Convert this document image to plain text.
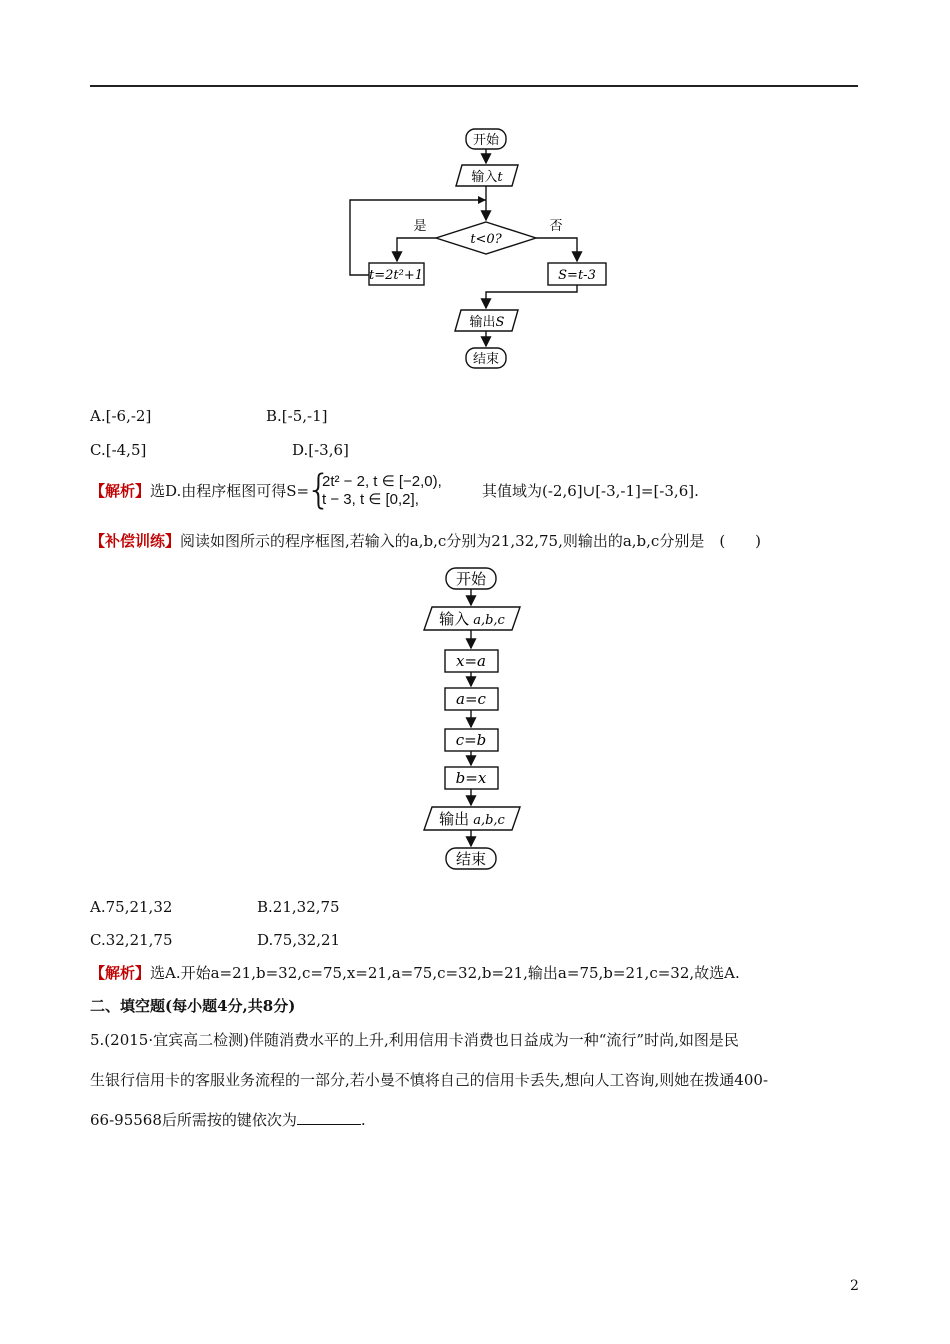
开始
输入t
t<0?
是	否
t=2t²+1	S=t-3
输出S
结束
A.[-6,-2]	B.[-5,-1]
C.[-4,5]	D.[-3,6]
【解析】选D.由程序框图可得S=
{
2t² − 2, t ∈ [−2,0),
t − 3, t ∈ [0,2],	其值域为(-2,6]∪[-3,-1]=[-3,6].
【补偿训练】阅读如图所示的程序框图,若输入的a,b,c分别为21,32,75,则输出的a,b,c分别是　(　　)
开始
输入 a,b,c
x=a
a=c
c=b
b=x
输出 a,b,c
结束
A.75,21,32	B.21,32,75
C.32,21,75	D.75,32,21
【解析】选A.开始a=21,b=32,c=75,x=21,a=75,c=32,b=21,输出a=75,b=21,c=32,故选A.
二、填空题(每小题4分,共8分)
5.(2015·宜宾高二检测)伴随消费水平的上升,利用信用卡消费也日益成为一种“流行”时尚,如图是民
生银行信用卡的客服业务流程的一部分,若小曼不慎将自己的信用卡丢失,想向人工咨询,则她在拨通400-
66-95568后所需按的键依次为	.
2
